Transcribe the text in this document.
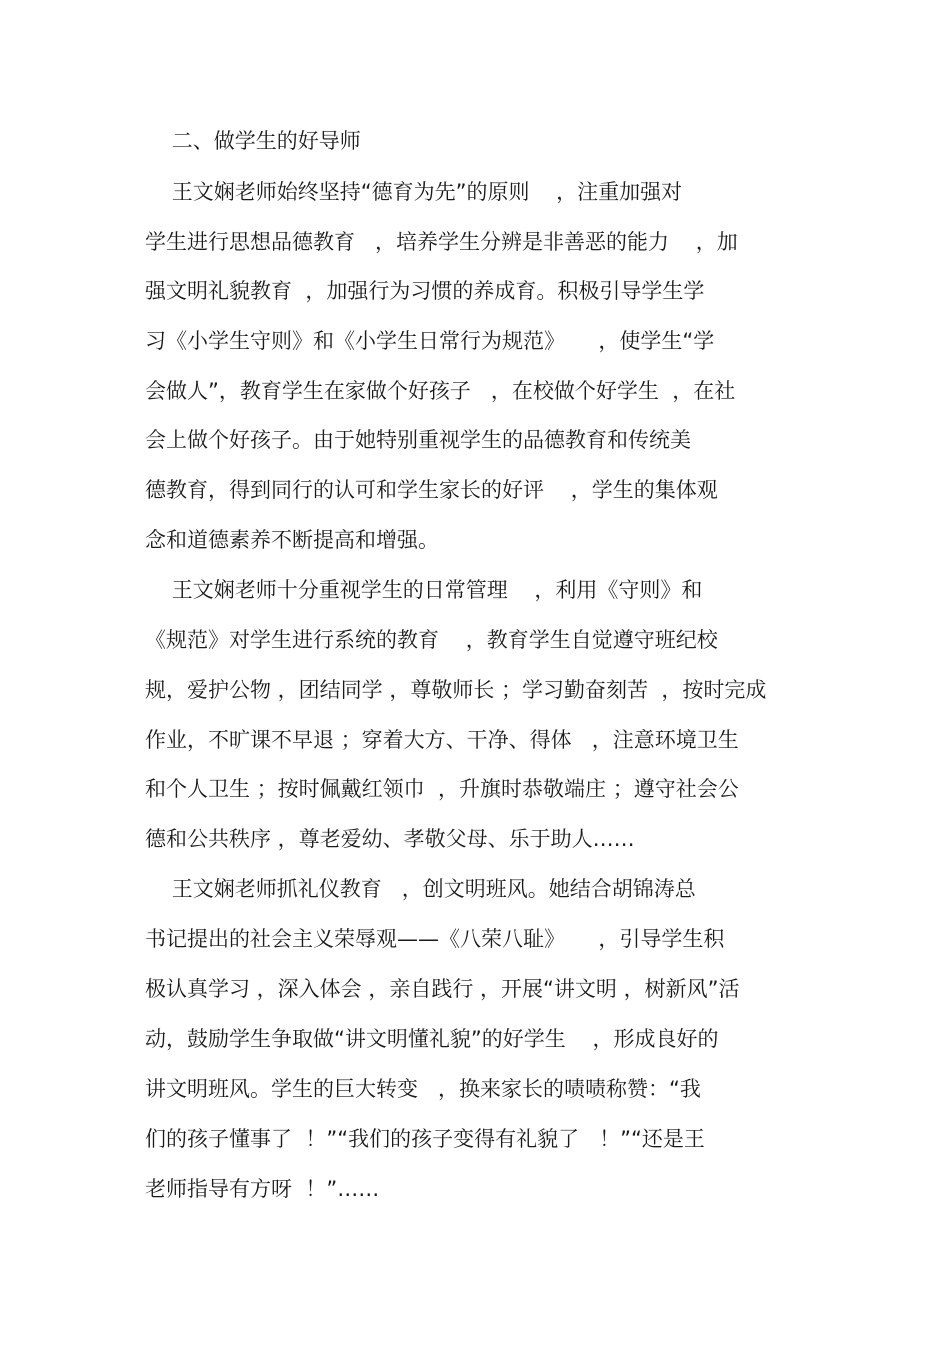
二、做学生的好导师

王文娴老师始终坚持“德育为先”的原则    ，注重加强对

学生进行思想品德教育   ，培养学生分辨是非善恶的能力    ，加

强文明礼貌教育  ，加强行为习惯的养成育。积极引导学生学

习《小学生守则》和《小学生日常行为规范》     ，使学生“学

会做人”，教育学生在家做个好孩子   ，在校做个好学生  ，在社

会上做个好孩子。由于她特别重视学生的品德教育和传统美

德教育，得到同行的认可和学生家长的好评    ，学生的集体观

念和道德素养不断提高和增强。

王文娴老师十分重视学生的日常管理    ，利用《守则》和

《规范》对学生进行系统的教育    ，教育学生自觉遵守班纪校

规，爱护公物 ，团结同学 ，尊敬师长 ；学习勤奋刻苦  ，按时完成

作业，不旷课不早退 ；穿着大方、干净、得体   ，注意环境卫生

和个人卫生 ；按时佩戴红领巾  ，升旗时恭敬端庄 ；遵守社会公

德和公共秩序 ，尊老爱幼、孝敬父母、乐于助人……

王文娴老师抓礼仪教育   ，创文明班风。她结合胡锦涛总

书记提出的社会主义荣辱观——《八荣八耻》     ，引导学生积

极认真学习 ，深入体会 ，亲自践行 ，开展“讲文明 ，树新风”活

动，鼓励学生争取做“讲文明懂礼貌”的好学生    ，形成良好的

讲文明班风。学生的巨大转变   ，换来家长的啧啧称赞：“我

们的孩子懂事了  ！”“我们的孩子变得有礼貌了   ！”“还是王

老师指导有方呀  ！”……
